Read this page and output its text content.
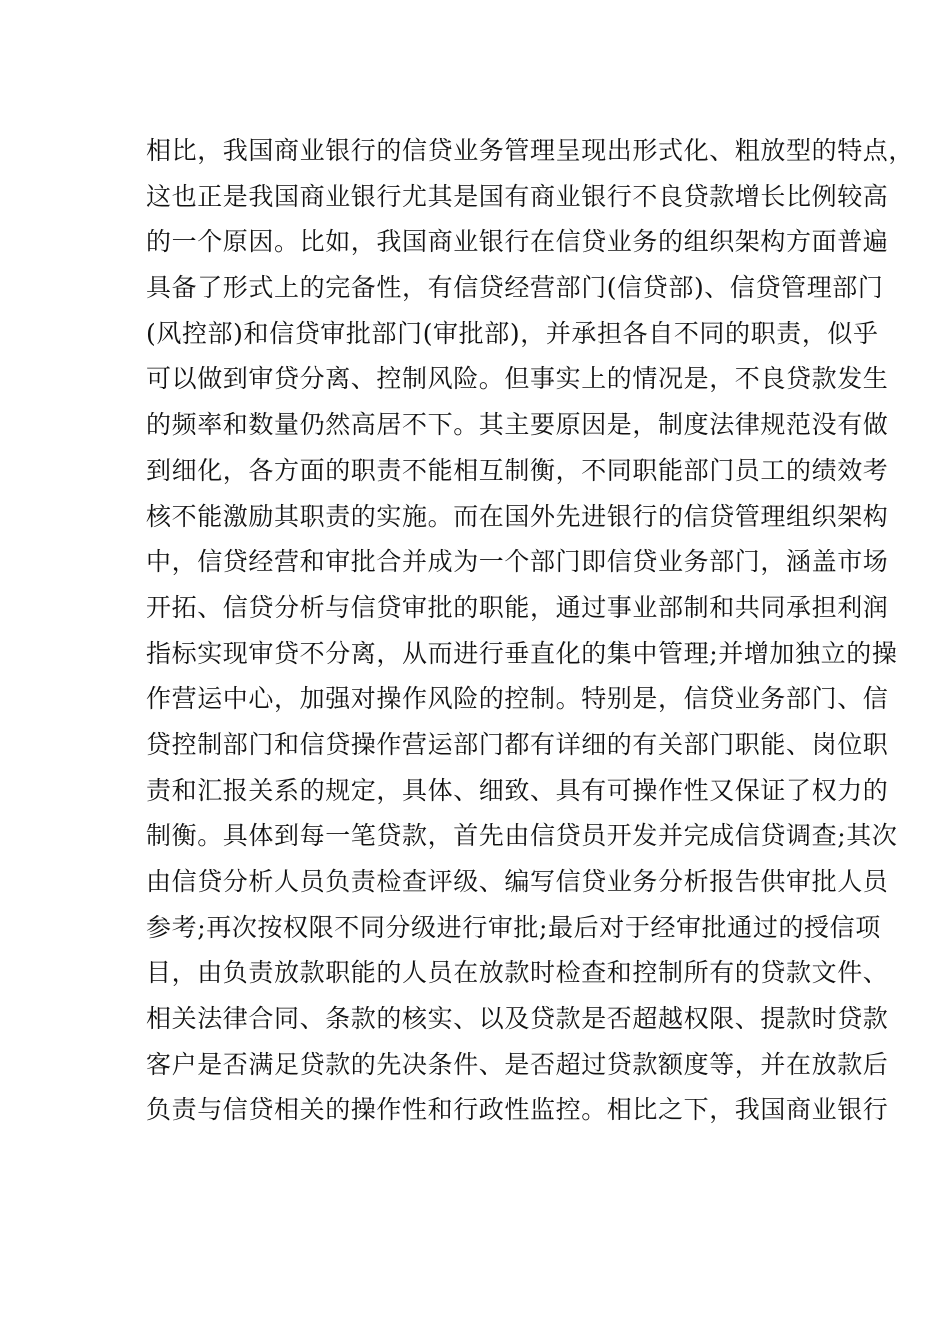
相比，我国商业银行的信贷业务管理呈现出形式化、粗放型的特点，
这也正是我国商业银行尤其是国有商业银行不良贷款增长比例较高
的一个原因。比如，我国商业银行在信贷业务的组织架构方面普遍
具备了形式上的完备性，有信贷经营部门(信贷部)、信贷管理部门
(风控部)和信贷审批部门(审批部)，并承担各自不同的职责，似乎
可以做到审贷分离、控制风险。但事实上的情况是，不良贷款发生
的频率和数量仍然高居不下。其主要原因是，制度法律规范没有做
到细化，各方面的职责不能相互制衡，不同职能部门员工的绩效考
核不能激励其职责的实施。而在国外先进银行的信贷管理组织架构
中，信贷经营和审批合并成为一个部门即信贷业务部门，涵盖市场
开拓、信贷分析与信贷审批的职能，通过事业部制和共同承担利润
指标实现审贷不分离，从而进行垂直化的集中管理;并增加独立的操
作营运中心，加强对操作风险的控制。特别是，信贷业务部门、信
贷控制部门和信贷操作营运部门都有详细的有关部门职能、岗位职
责和汇报关系的规定，具体、细致、具有可操作性又保证了权力的
制衡。具体到每一笔贷款，首先由信贷员开发并完成信贷调查;其次
由信贷分析人员负责检查评级、编写信贷业务分析报告供审批人员
参考;再次按权限不同分级进行审批;最后对于经审批通过的授信项
目，由负责放款职能的人员在放款时检查和控制所有的贷款文件、
相关法律合同、条款的核实、以及贷款是否超越权限、提款时贷款
客户是否满足贷款的先决条件、是否超过贷款额度等，并在放款后
负责与信贷相关的操作性和行政性监控。相比之下，我国商业银行
